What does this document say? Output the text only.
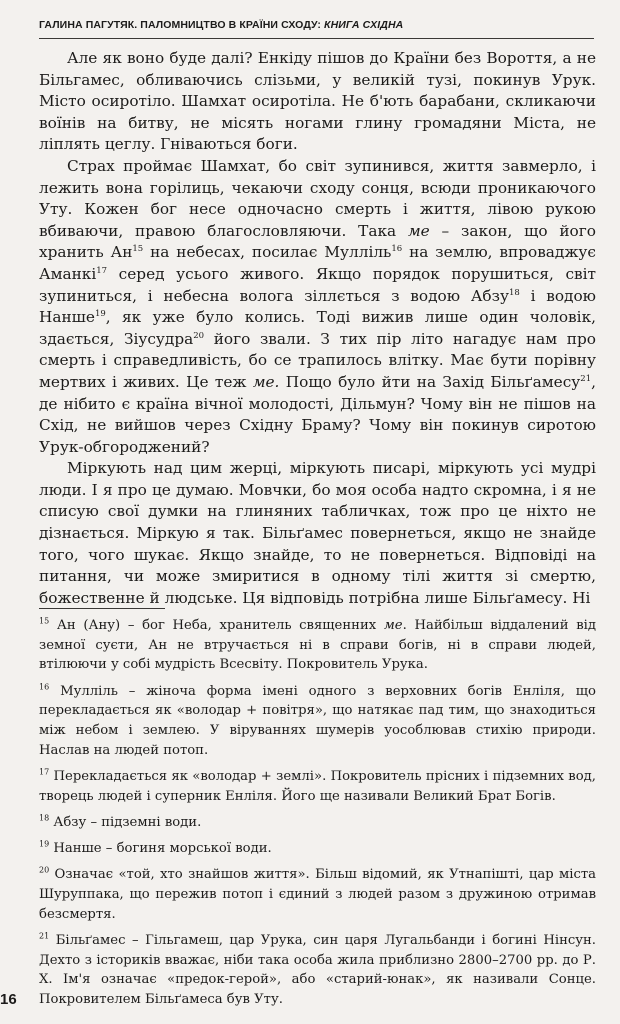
ГАЛИНА ПАГУТЯК. ПАЛОМНИЦТВО В КРАЇНИ СХОДУ: КНИГА СХІДНА

Але як воно буде далі? Енкіду пішов до Країни без Вороття, а не Більгамес, обливаючись слізьми, у великій тузі, покинув Урук. Місто осиротіло. Шамхат осиротіла. Не б'ють барабани, скликаючи воїнів на битву, не місять ногами глину громадяни Міста, не ліплять цеглу. Гніваються боги.

Страх проймає Шамхат, бо світ зупинився, життя завмерло, і лежить вона горілиць, чекаючи сходу сонця, всюди проникаючого Уту. Кожен бог несе одночасно смерть і життя, лівою рукою вбиваючи, правою благословляючи. Така ме – закон, що його хранить $Ан^{15}$ на небесах, посилає Мулліль$^{16}$ на землю, впроваджує Аманкі$^{17}$ серед усього живого. Якщо порядок порушиться, світ зупиниться, і небесна волога зіллється з водою Абзу$^{18}$ і водою Нанше$^{19}$, як уже було колись. Тоді вижив лише один чоловік, здається, Зіусудра$^{20}$ його звали. З тих пір літо нагадує нам про смерть і справедливість, бо се трапилось влітку. Має бути порівну мертвих і живих. Це теж ме. Пощо було йти на Захід Більґамесу$^{21}$, де нібито є країна вічної молодості, Дільмун? Чому він не пішов на Схід, не вийшов через Східну Браму? Чому він покинув сиротою Урук-обгороджений?

Міркують над цим жерці, міркують писарі, міркують усі мудрі люди. І я про це думаю. Мовчки, бо моя особа надто скромна, і я не списую свої думки на глиняних табличках, тож про це ніхто не дізнається. Міркую я так. Більґамес повернеться, якщо не знайде того, чого шукає. Якщо знайде, то не повернеться. Відповіді на питання, чи може змиритися в одному тілі життя зі смертю, божественне й людське. Ця відповідь потрібна лише Більґамесу. Ні

$^{15}$ Ан (Ану) – бог Неба, хранитель священних ме. Найбільш віддалений від земної суєти, Ан не втручається ні в справи богів, ні в справи людей, втілюючи у собі мудрість Всесвіту. Покровитель Урука.

$^{16}$ Мулліль – жіноча форма імені одного з верховних богів Енліля, що перекладається як «володар + повітря», що натякає пад тим, що знаходиться між небом і землею. У віруваннях шумерів уособлював стихію природи. Наслав на людей потоп.

$^{17}$ Перекладається як «володар + землі». Покровитель прісних і підземних вод, творець людей і суперник Енліля. Його ще називали Великий Брат Богів.

$^{18}$ Абзу – підземні води.

$^{19}$ Нанше – богиня морської води.

$^{20}$ Означає «той, хто знайшов життя». Більш відомий, як Утнапішті, цар міста Шуруппака, що пережив потоп і єдиний з людей разом з дружиною отримав безсмертя.

$^{21}$ Більґамес – Гільгамеш, цар Урука, син царя Лугальбанди і богині Нінсун. Дехто з істориків вважає, ніби така особа жила приблизно 2800–2700 рр. до Р. Х. Ім'я означає «предок-герой», або «старий-юнак», як називали Сонце. Покровителем Більґамеса був Уту.

16
